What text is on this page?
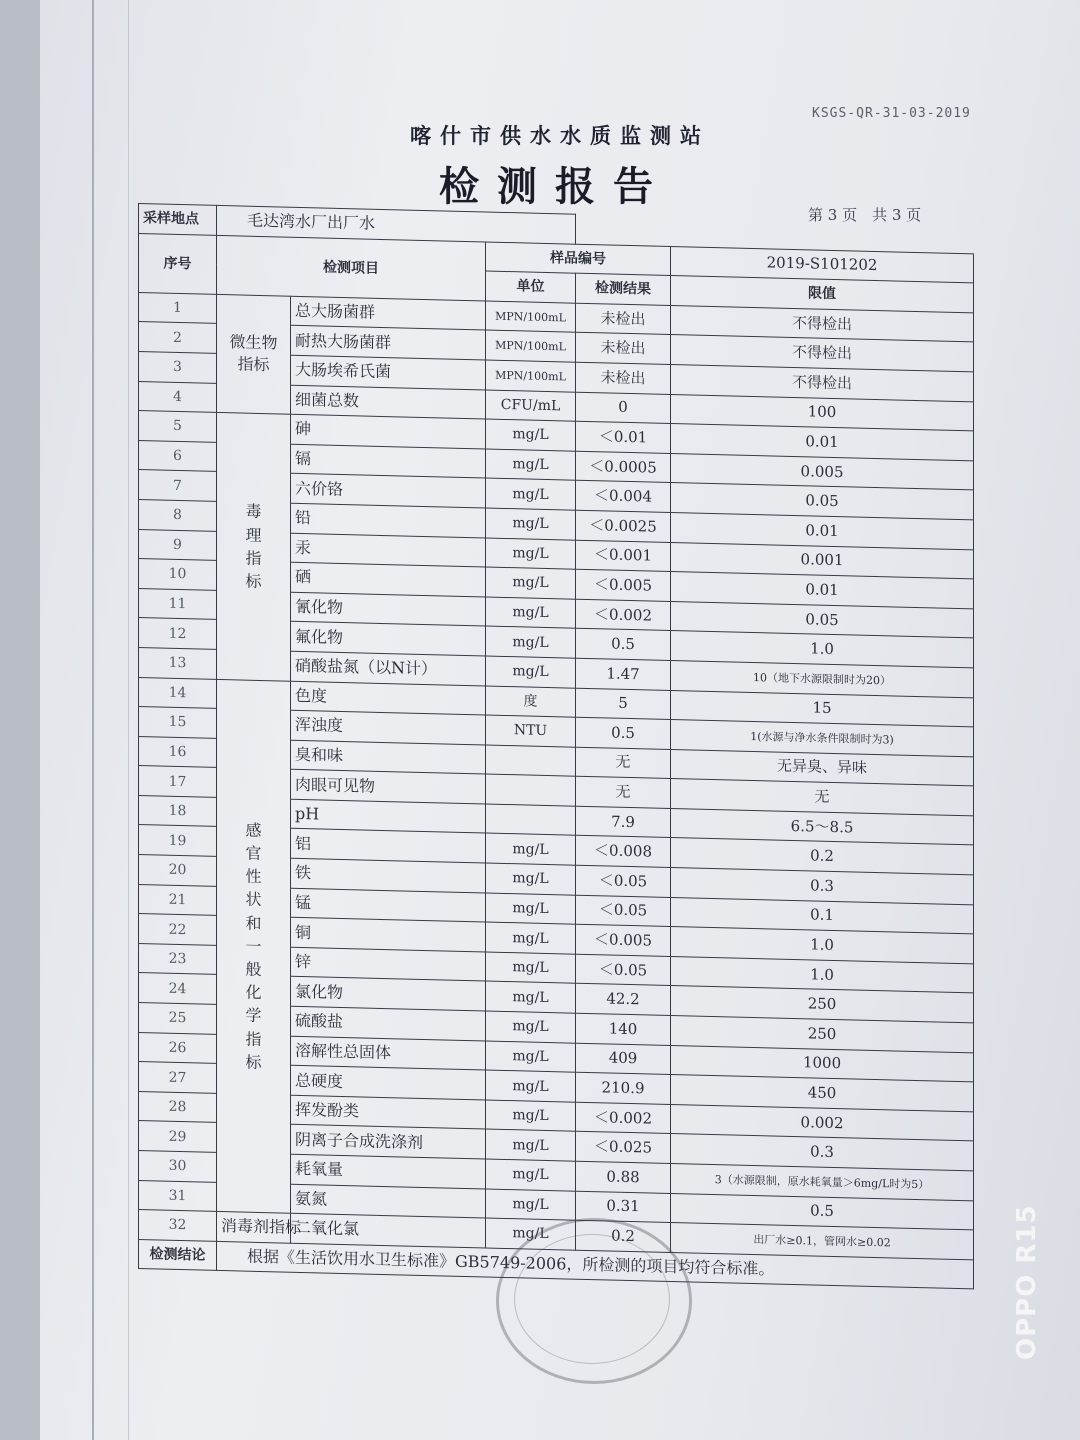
KSGS-QR-31-03-2019
喀什市供水水质监测站
检测报告
第 3 页　共 3 页
采样地点	毛达湾水厂出厂水				
序号	检测项目		样品编号		2019-S101202
			单位	检测结果	限值
1	微生物指标	总大肠菌群	MPN/100mL	未检出	不得检出
2		耐热大肠菌群	MPN/100mL	未检出	不得检出
3		大肠埃希氏菌	MPN/100mL	未检出	不得检出
4		细菌总数	CFU/mL	0	100
5	毒理指标	砷	mg/L	＜0.01	0.01
6		镉	mg/L	＜0.0005	0.005
7		六价铬	mg/L	＜0.004	0.05
8		铅	mg/L	＜0.0025	0.01
9		汞	mg/L	＜0.001	0.001
10		硒	mg/L	＜0.005	0.01
11		氰化物	mg/L	＜0.002	0.05
12		氟化物	mg/L	0.5	1.0
13		硝酸盐氮（以N计）	mg/L	1.47	10（地下水源限制时为20）
14	感官性状和一般化学指标	色度	度	5	15
15		浑浊度	NTU	0.5	1(水源与净水条件限制时为3)
16		臭和味		无	无异臭、异味
17		肉眼可见物		无	无
18		pH		7.9	6.5～8.5
19		铝	mg/L	＜0.008	0.2
20		铁	mg/L	＜0.05	0.3
21		锰	mg/L	＜0.05	0.1
22		铜	mg/L	＜0.005	1.0
23		锌	mg/L	＜0.05	1.0
24		氯化物	mg/L	42.2	250
25		硫酸盐	mg/L	140	250
26		溶解性总固体	mg/L	409	1000
27		总硬度	mg/L	210.9	450
28		挥发酚类	mg/L	＜0.002	0.002
29		阴离子合成洗涤剂	mg/L	＜0.025	0.3
30		耗氧量	mg/L	0.88	3（水源限制，原水耗氧量＞6mg/L时为5）
31		氨氮	mg/L	0.31	0.5
32	消毒剂指标	二氧化氯	mg/L	0.2	出厂水≥0.1，管网水≥0.02
检测结论	根据《生活饮用水卫生标准》GB5749-2006，所检测的项目均符合标准。					OPPO R15
